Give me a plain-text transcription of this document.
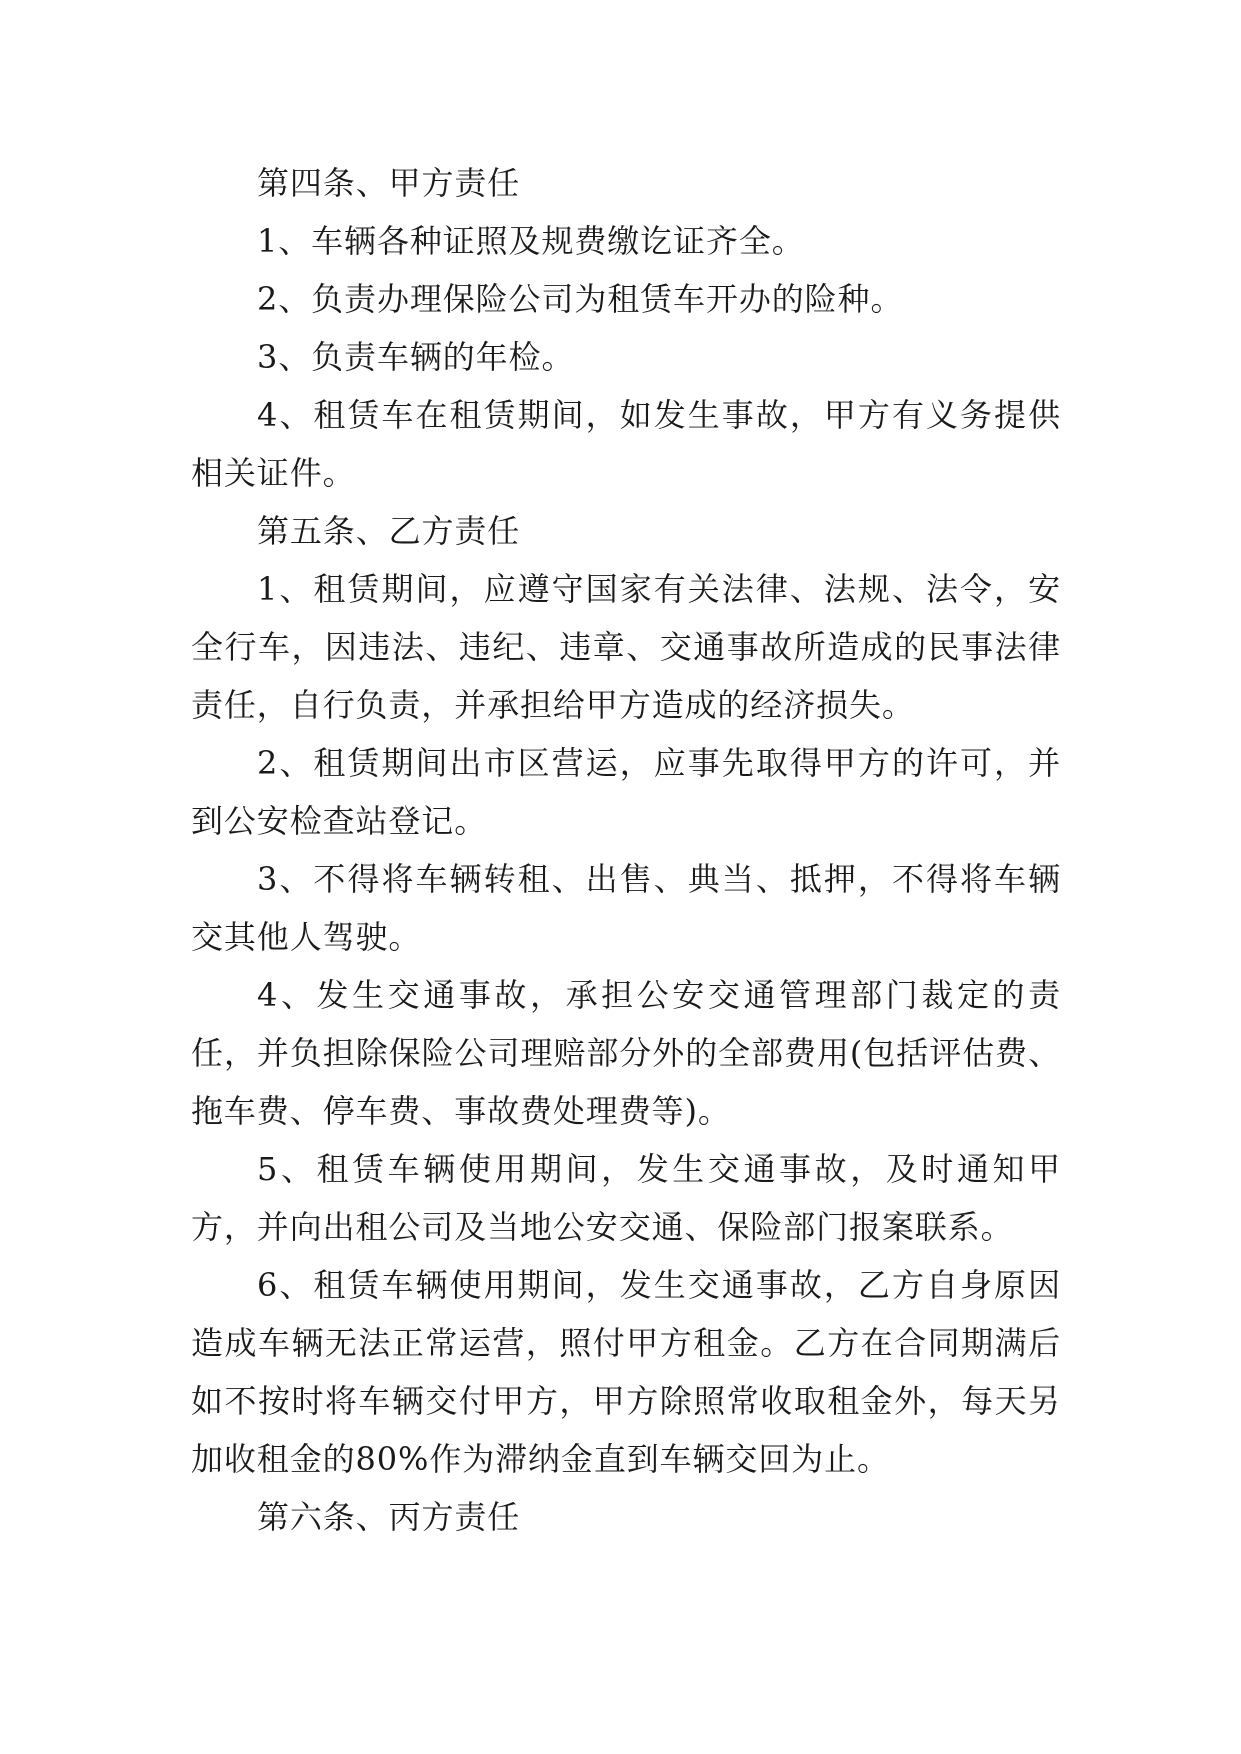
第四条、甲方责任

1、车辆各种证照及规费缴讫证齐全。

2、负责办理保险公司为租赁车开办的险种。

3、负责车辆的年检。

4、租赁车在租赁期间，如发生事故，甲方有义务提供相关证件。

第五条、乙方责任

1、租赁期间，应遵守国家有关法律、法规、法令，安全行车，因违法、违纪、违章、交通事故所造成的民事法律责任，自行负责，并承担给甲方造成的经济损失。

2、租赁期间出市区营运，应事先取得甲方的许可，并到公安检查站登记。

3、不得将车辆转租、出售、典当、抵押，不得将车辆交其他人驾驶。

4、发生交通事故，承担公安交通管理部门裁定的责任，并负担除保险公司理赔部分外的全部费用(包括评估费、拖车费、停车费、事故费处理费等)。

5、租赁车辆使用期间，发生交通事故，及时通知甲方，并向出租公司及当地公安交通、保险部门报案联系。

6、租赁车辆使用期间，发生交通事故，乙方自身原因造成车辆无法正常运营，照付甲方租金。乙方在合同期满后如不按时将车辆交付甲方，甲方除照常收取租金外，每天另加收租金的80%作为滞纳金直到车辆交回为止。

第六条、丙方责任
